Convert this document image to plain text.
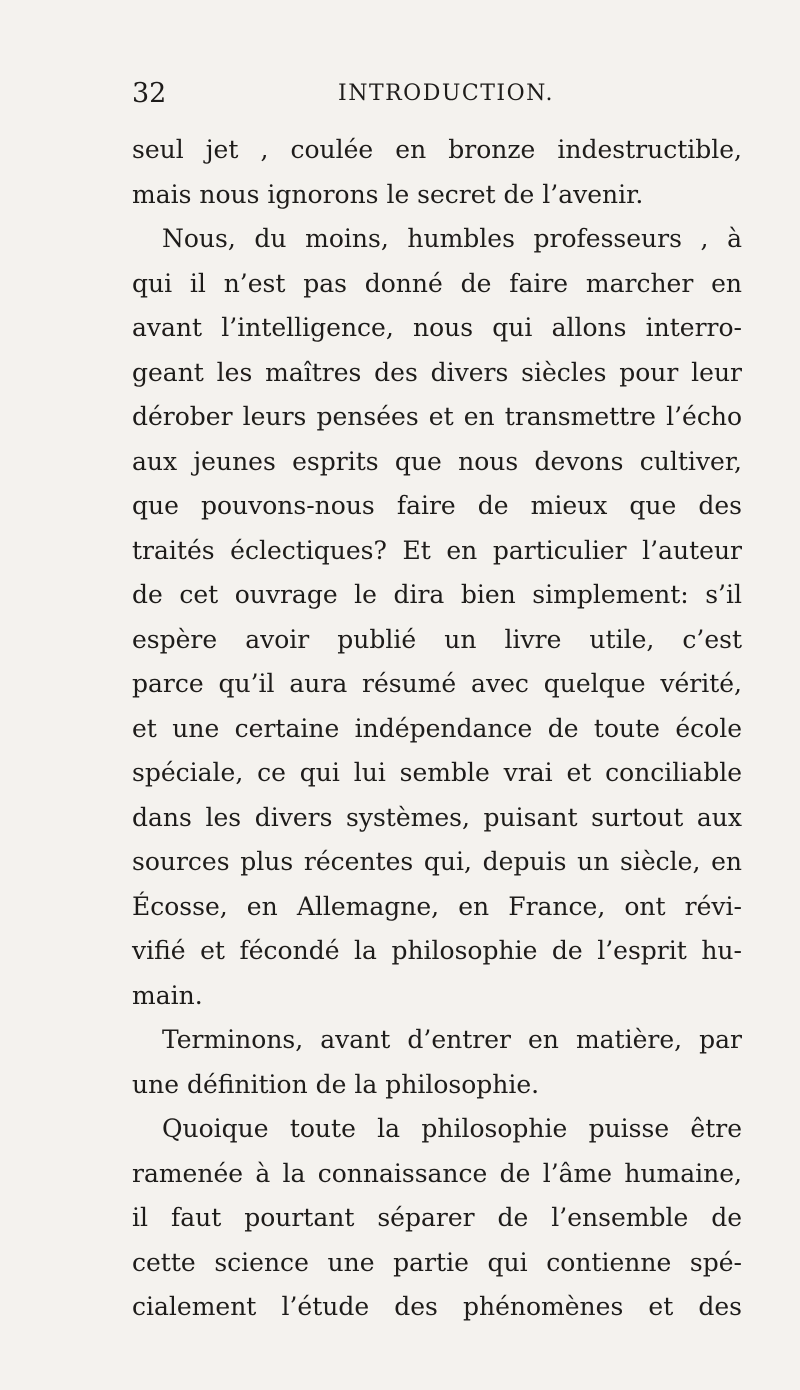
32	INTRODUCTION.
seul jet , coulée en bronze indestructible,
mais nous ignorons le secret de l’avenir.
Nous, du moins, humbles professeurs , à
qui il n’est pas donné de faire marcher en
avant l’intelligence, nous qui allons interro-
geant les maîtres des divers siècles pour leur
dérober leurs pensées et en transmettre l’écho
aux jeunes esprits que nous devons cultiver,
que pouvons-nous faire de mieux que des
traités éclectiques? Et en particulier l’auteur
de cet ouvrage le dira bien simplement: s’il
espère avoir publié un livre utile, c’est
parce qu’il aura résumé avec quelque vérité,
et une certaine indépendance de toute école
spéciale, ce qui lui semble vrai et conciliable
dans les divers systèmes, puisant surtout aux
sources plus récentes qui, depuis un siècle, en
Écosse, en Allemagne, en France, ont révi-
vifié et fécondé la philosophie de l’esprit hu-
main.
Terminons, avant d’entrer en matière, par
une définition de la philosophie.
Quoique toute la philosophie puisse être
ramenée à la connaissance de l’âme humaine,
il faut pourtant séparer de l’ensemble de
cette science une partie qui contienne spé-
cialement l’étude des phénomènes et des
